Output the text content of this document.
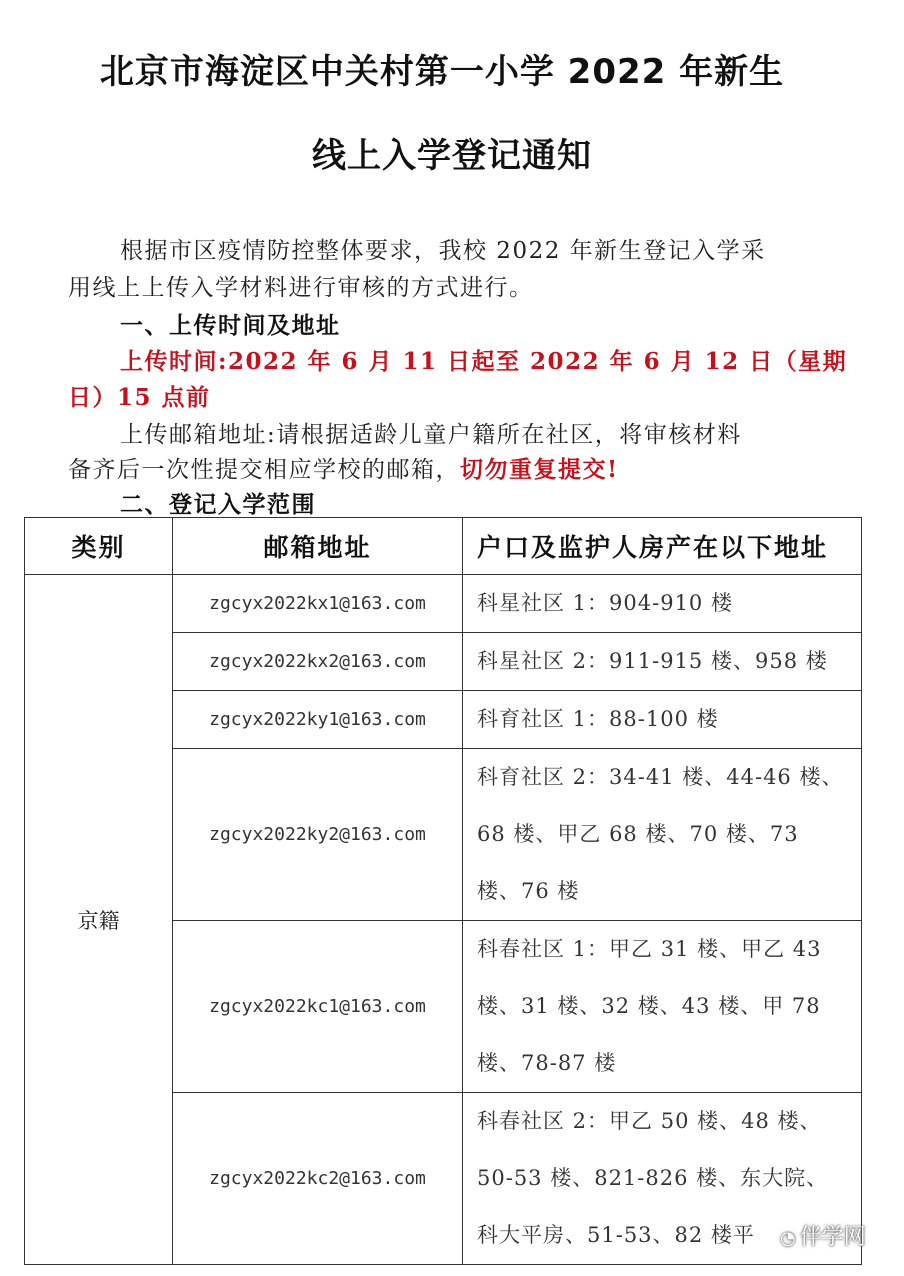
北京市海淀区中关村第一小学 2022 年新生
线上入学登记通知
根据市区疫情防控整体要求，我校 2022 年新生登记入学采
用线上上传入学材料进行审核的方式进行。
一、上传时间及地址
上传时间:2022 年 6 月 11 日起至 2022 年 6 月 12 日（星期
日）15 点前
上传邮箱地址:请根据适龄儿童户籍所在社区，将审核材料
备齐后一次性提交相应学校的邮箱，切勿重复提交!
二、登记入学范围
类别	邮箱地址	户口及监护人房产在以下地址
京籍	zgcyx2022kx1@163.com	科星社区 1：904-910 楼
	zgcyx2022kx2@163.com	科星社区 2：911-915 楼、958 楼
	zgcyx2022ky1@163.com	科育社区 1：88-100 楼
	zgcyx2022ky2@163.com	科育社区 2：34-41 楼、44-46 楼、68 楼、甲乙 68 楼、70 楼、73 楼、76 楼
	zgcyx2022kc1@163.com	科春社区 1：甲乙 31 楼、甲乙 43 楼、31 楼、32 楼、43 楼、甲 78 楼、78-87 楼
	zgcyx2022kc2@163.com	科春社区 2：甲乙 50 楼、48 楼、50-53 楼、821-826 楼、东大院、科大平房、51-53、82 楼平 ◔ 伴学网
